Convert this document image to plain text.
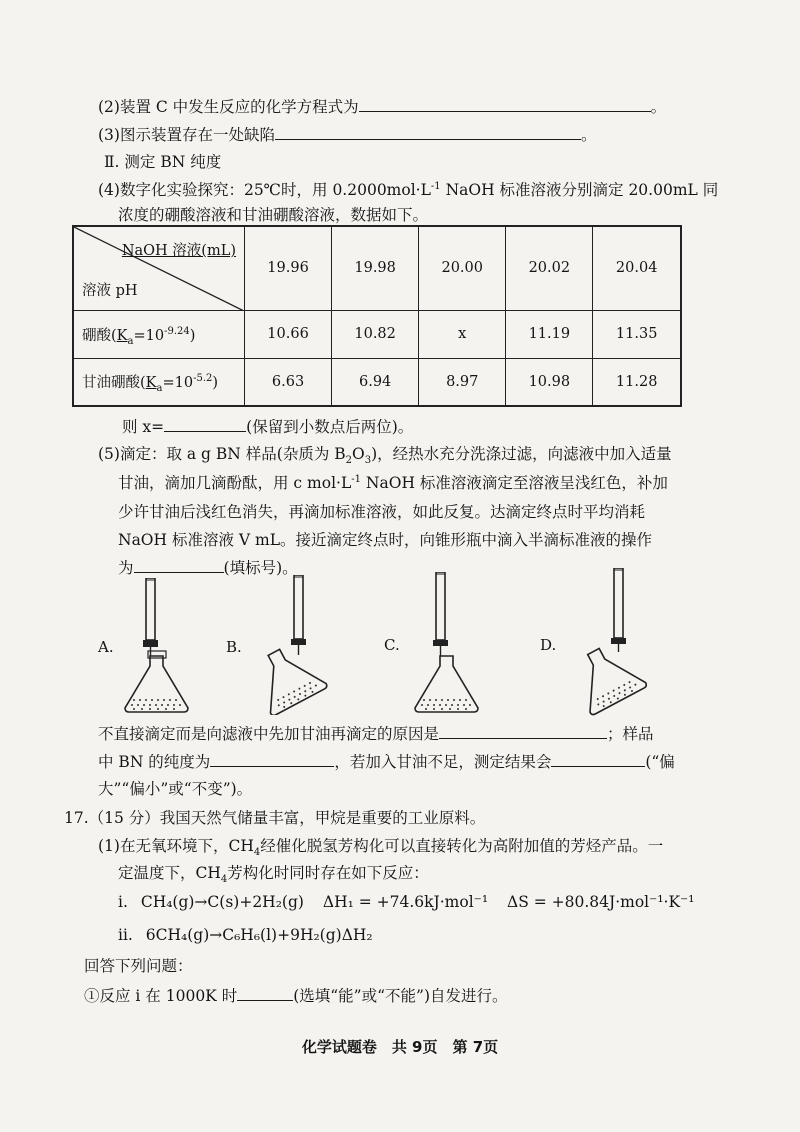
(2)装置 C 中发生反应的化学方程式为	。
(3)图示装置存在一处缺陷	。
Ⅱ. 测定 BN 纯度
(4)数字化实验探究：25℃时，用 $0.2000mol\cdot L^{-1}$ NaOH 标准溶液分别滴定 20.00mL 同
浓度的硼酸溶液和甘油硼酸溶液，数据如下。
NaOH 溶液(mL)
溶液 pH	19.96	19.98	20.00	20.02	20.04
硼酸$(K_a=10^{-9.24})$	10.66	10.82	x	11.19	11.35
甘油硼酸$(K_a=10^{-5.2})$	6.63	6.94	8.97	10.98	11.28
则 x=	(保留到小数点后两位)。
(5)滴定：取 a g BN 样品(杂质为 $B_2O_3$)，经热水充分洗涤过滤，向滤液中加入适量
甘油，滴加几滴酚酞，用 c $mol\cdot L^{-1}$ NaOH 标准溶液滴定至溶液呈浅红色，补加
少许甘油后浅红色消失，再滴加标准溶液，如此反复。达滴定终点时平均消耗
NaOH 标准溶液 V mL。接近滴定终点时，向锥形瓶中滴入半滴标准液的操作
为	(填标号)。
A.	B.	C.	D.
不直接滴定而是向滤液中先加甘油再滴定的原因是	；样品
中 BN 的纯度为	，若加入甘油不足，测定结果会	(“偏
大”“偏小”或“不变”)。
17.（15 分）我国天然气储量丰富，甲烷是重要的工业原料。
(1)在无氧环境下，$CH_4$经催化脱氢芳构化可以直接转化为高附加值的芳烃产品。一
定温度下，$CH_4$芳构化时同时存在如下反应：
ⅰ. CH₄(g)→C(s)+2H₂(g) ΔH₁ = +74.6kJ·mol⁻¹ ΔS = +80.84J·mol⁻¹·K⁻¹
ⅱ. 6CH₄(g)→C₆H₆(l)+9H₂(g)ΔH₂
回答下列问题：
①反应 ⅰ 在 1000K 时	(选填“能”或“不能”)自发进行。
化学试题卷　共 9页　第 7页
